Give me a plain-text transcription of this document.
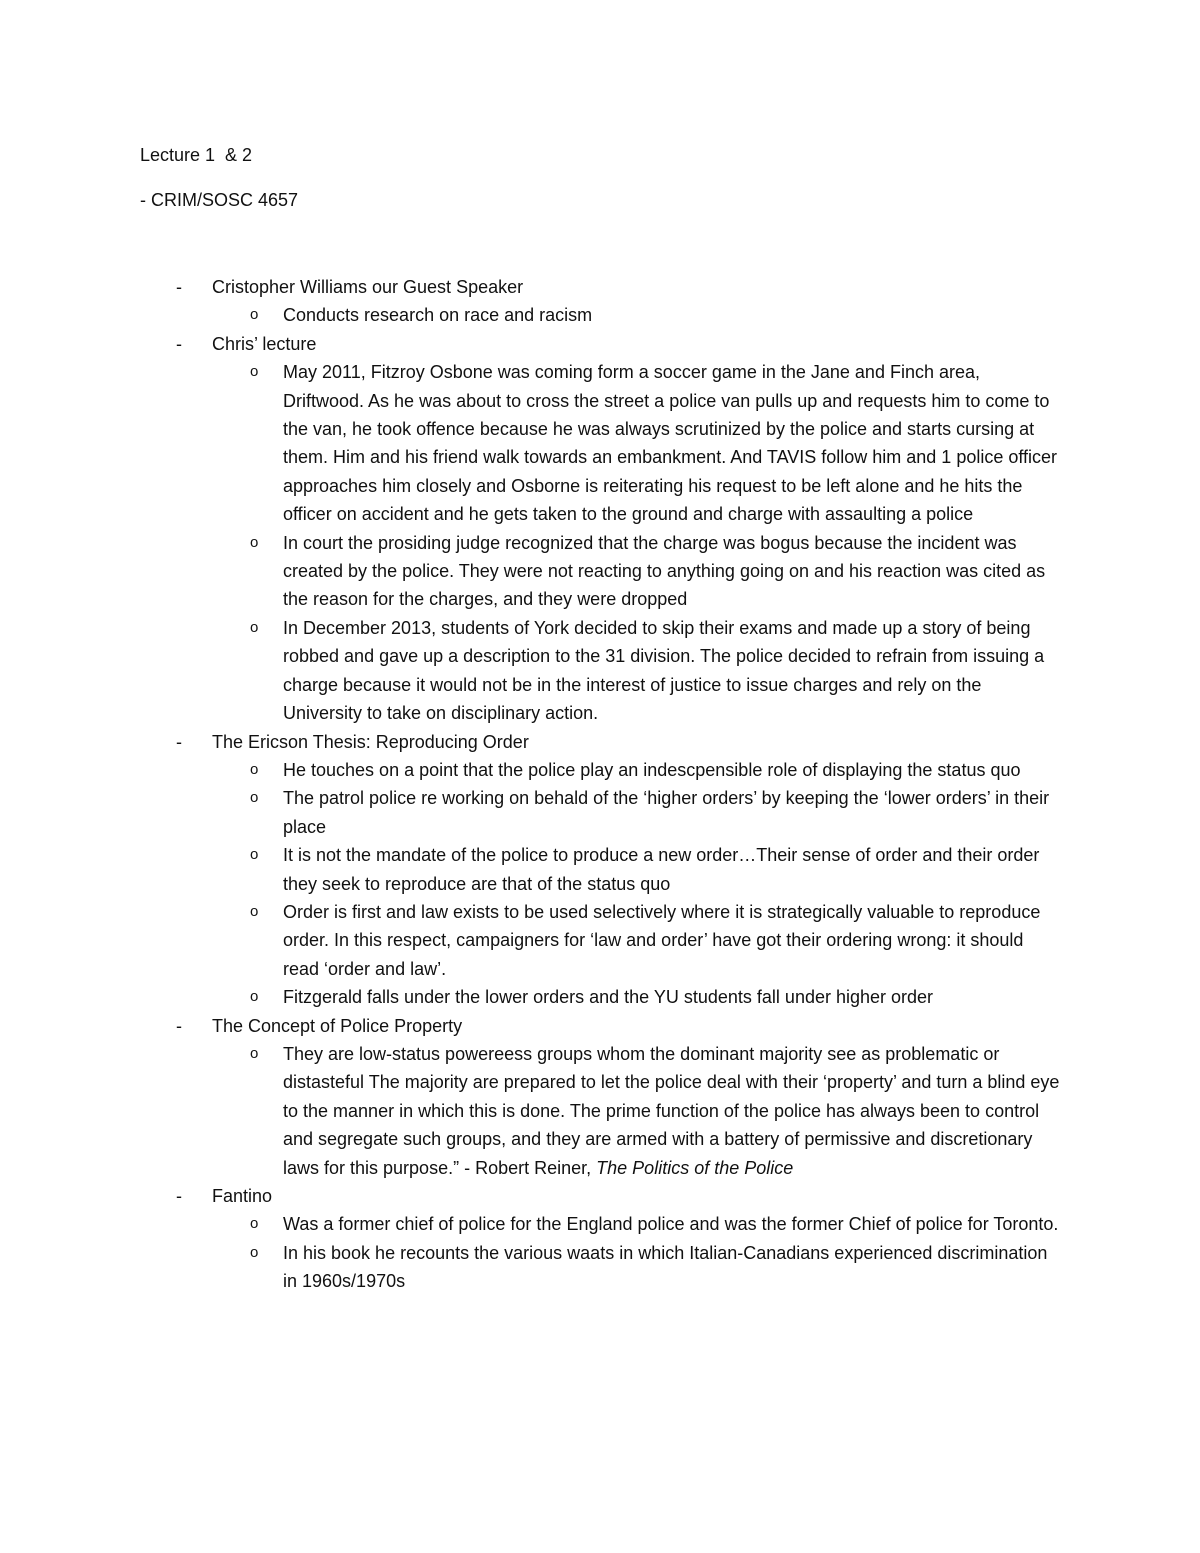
Lecture 1  & 2
- CRIM/SOSC 4657
- Cristopher Williams our Guest Speaker
o Conducts research on race and racism
- Chris’ lecture
o May 2011, Fitzroy Osbone was coming form a soccer game in the Jane and Finch area, Driftwood. As he was about to cross the street a police van pulls up and requests him to come to the van, he took offence because he was always scrutinized by the police and starts cursing at them. Him and his friend walk towards an embankment. And TAVIS follow him and 1 police officer approaches him closely and Osborne is reiterating his request to be left alone and he hits the officer on accident and he gets taken to the ground and charge with assaulting a police
o In court the prosiding judge recognized that the charge was bogus because the incident was created by the police. They were not reacting to anything going on and his reaction was cited as the reason for the charges, and they were dropped
o In December 2013, students of York decided to skip their exams and made up a story of being robbed and gave up a description to the 31 division. The police decided to refrain from issuing a charge because it would not be in the interest of justice to issue charges and rely on the University to take on disciplinary action.
- The Ericson Thesis: Reproducing Order
o He touches on a point that the police play an indescpensible role of displaying the status quo
o The patrol police re working on behald of the ‘higher orders’ by keeping the ‘lower orders’ in their place
o It is not the mandate of the police to produce a new order…Their sense of order and their order they seek to reproduce are that of the status quo
o Order is first and law exists to be used selectively where it is strategically valuable to reproduce order. In this respect, campaigners for ‘law and order’ have got their ordering wrong: it should read ‘order and law’.
o Fitzgerald falls under the lower orders and the YU students fall under higher order
- The Concept of Police Property
o They are low-status powereess groups whom the dominant majority see as problematic or distasteful The majority are prepared to let the police deal with their ‘property’ and turn a blind eye to the manner in which this is done. The prime function of the police has always been to control and segregate such groups, and they are armed with a battery of permissive and discretionary laws for this purpose.” - Robert Reiner, The Politics of the Police
- Fantino
o Was a former chief of police for the England police and was the former Chief of police for Toronto.
o In his book he recounts the various waats in which Italian-Canadians experienced discrimination in 1960s/1970s
